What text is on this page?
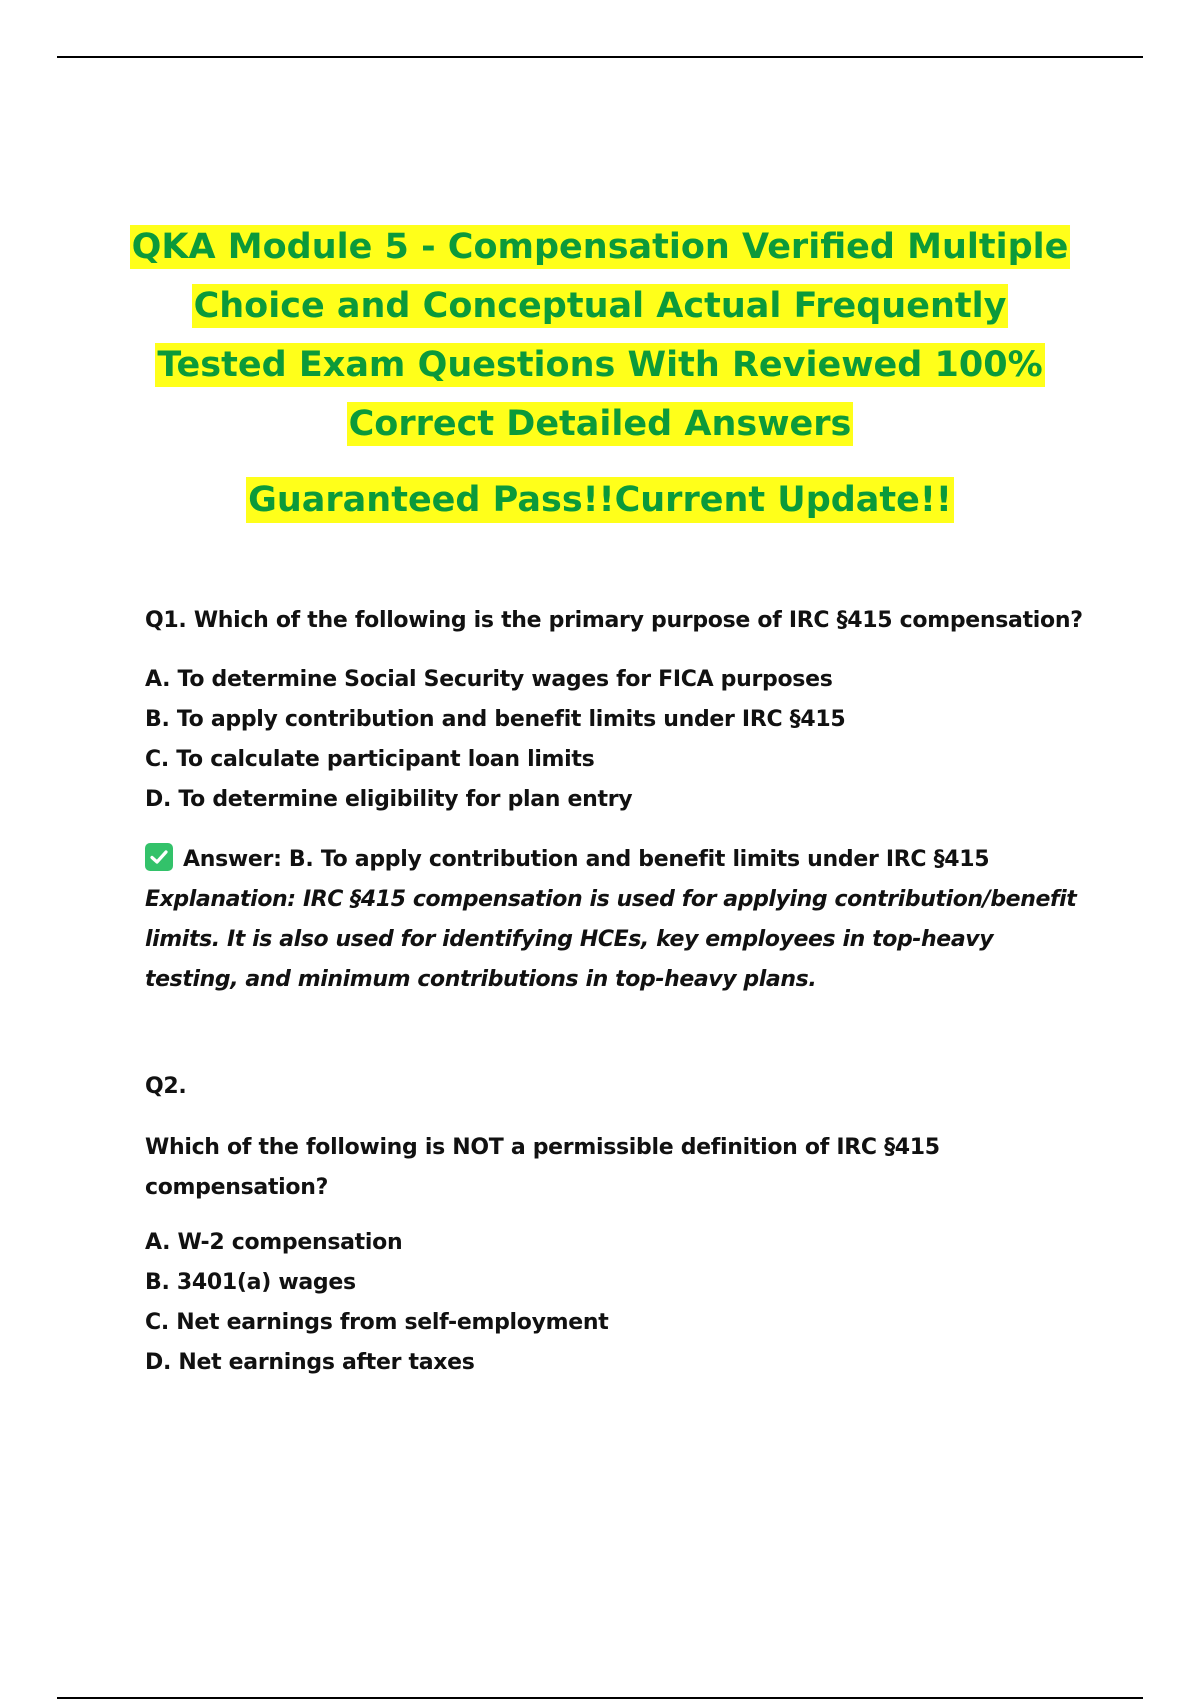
QKA Module 5 - Compensation Verified Multiple
Choice and Conceptual Actual Frequently
Tested Exam Questions With Reviewed 100%
Correct Detailed Answers
Guaranteed Pass!!Current Update!!
Q1. Which of the following is the primary purpose of IRC §415 compensation?
A. To determine Social Security wages for FICA purposes
B. To apply contribution and benefit limits under IRC §415
C. To calculate participant loan limits
D. To determine eligibility for plan entry
Answer: B. To apply contribution and benefit limits under IRC §415
Explanation: IRC §415 compensation is used for applying contribution/benefit limits. It is also used for identifying HCEs, key employees in top-heavy testing, and minimum contributions in top-heavy plans.
Q2.
Which of the following is NOT a permissible definition of IRC §415 compensation?
A. W-2 compensation
B. 3401(a) wages
C. Net earnings from self-employment
D. Net earnings after taxes
